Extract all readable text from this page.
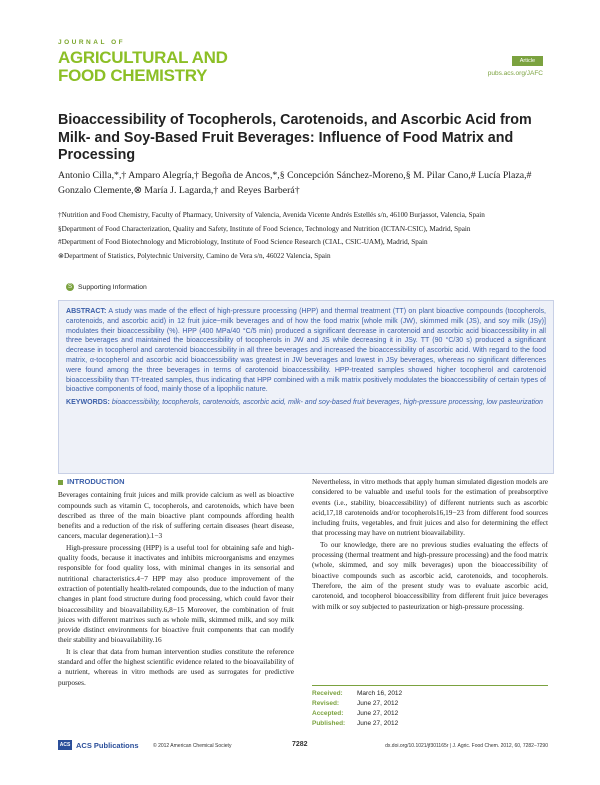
JOURNAL OF
AGRICULTURAL AND
FOOD CHEMISTRY
Article
pubs.acs.org/JAFC
Bioaccessibility of Tocopherols, Carotenoids, and Ascorbic Acid from Milk- and Soy-Based Fruit Beverages: Influence of Food Matrix and Processing
Antonio Cilla,*,† Amparo Alegría,† Begoña de Ancos,*,§ Concepción Sánchez-Moreno,§ M. Pilar Cano,# Lucía Plaza,# Gonzalo Clemente,⊗ María J. Lagarda,† and Reyes Barberá†

†Nutrition and Food Chemistry, Faculty of Pharmacy, University of Valencia, Avenida Vicente Andrés Estellés s/n, 46100 Burjassot, Valencia, Spain

§Department of Food Characterization, Quality and Safety, Institute of Food Science, Technology and Nutrition (ICTAN-CSIC), Madrid, Spain

#Department of Food Biotechnology and Microbiology, Institute of Food Science Research (CIAL, CSIC-UAM), Madrid, Spain

⊗Department of Statistics, Polytechnic University, Camino de Vera s/n, 46022 Valencia, Spain

S Supporting Information

ABSTRACT: A study was made of the effect of high-pressure processing (HPP) and thermal treatment (TT) on plant bioactive compounds (tocopherols, carotenoids, and ascorbic acid) in 12 fruit juice−milk beverages and of how the food matrix [whole milk (JW), skimmed milk (JS), and soy milk (JSy)] modulates their bioaccessibility (%). HPP (400 MPa/40 °C/5 min) produced a significant decrease in carotenoid and ascorbic acid bioaccessibility in all three beverages and maintained the bioaccessibility of tocopherols in JW and JS while decreasing it in JSy. TT (90 °C/30 s) produced a significant decrease in tocopherol and carotenoid bioaccessibility in all three beverages and increased the bioaccessibility of ascorbic acid. With regard to the food matrix, α-tocopherol and ascorbic acid bioaccessibility was greatest in JW beverages and lowest in JSy beverages, whereas no significant differences were found among the three beverages in terms of carotenoid bioaccessibility. HPP-treated samples showed higher tocopherol and carotenoid bioaccessibility than TT-treated samples, thus indicating that HPP combined with a milk matrix positively modulates the bioaccessibility of certain types of bioactive components of food, mainly those of a lipophilic nature.

KEYWORDS: bioaccessibility, tocopherols, carotenoids, ascorbic acid, milk- and soy-based fruit beverages, high-pressure processing, low pasteurization

INTRODUCTION

Beverages containing fruit juices and milk provide calcium as well as bioactive compounds such as vitamin C, tocopherols, and carotenoids, which have been described as three of the main bioactive plant compounds affording health benefits and a reduction of the risk of suffering certain diseases (heart disease, cancers, macular degeneration).1−3

High-pressure processing (HPP) is a useful tool for obtaining safe and high-quality foods, because it inactivates and inhibits microorganisms and enzymes responsible for food quality loss, with minimal changes in its sensorial and nutritional characteristics.4−7 HPP may also produce improvement of the extraction of potentially health-related compounds, due to the induction of many changes in plant food structure during food processing, which could favor their bioaccessibility and bioavailability.6,8−15 Moreover, the combination of fruit juices with different matrixes such as whole milk, skimmed milk, and soy milk provide distinct environments for bioactive fruit components that can modify their stability and bioavailability.16

It is clear that data from human intervention studies constitute the reference standard and offer the highest scientific evidence related to the bioavailability of a nutrient, whereas in vitro methods are used as surrogates for predictive purposes.

Nevertheless, in vitro methods that apply human simulated digestion models are considered to be valuable and useful tools for the estimation of preabsorptive events (i.e., stability, bioaccessibility) of different nutrients such as ascorbic acid,17,18 carotenoids and/or tocopherols16,19−23 from different food sources including fruits, vegetables, and fruit juices and also for determining the effect that processing may have on nutrient bioavailability.

To our knowledge, there are no previous studies evaluating the effects of processing (thermal treatment and high-pressure processing) and the food matrix (whole, skimmed, and soy milk beverages) upon the bioaccessibility of bioactive compounds such as ascorbic acid, carotenoids, and tocopherols. Therefore, the aim of the present study was to evaluate ascorbic acid, carotenoid, and tocopherol bioaccessibility from different fruit juice beverages with milk or soy subjected to pasteurization or high-pressure processing.

Received:	March 16, 2012
Revised:	June 27, 2012
Accepted:	June 27, 2012
Published:	June 27, 2012
ACS ACS Publications	© 2012 American Chemical Society	7282	dx.doi.org/10.1021/jf301165r | J. Agric. Food Chem. 2012, 60, 7282−7290
